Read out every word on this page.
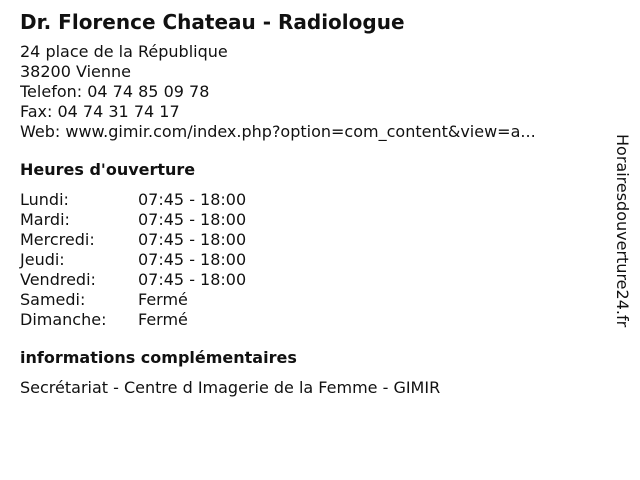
Dr. Florence Chateau - Radiologue
24 place de la République
38200 Vienne
Telefon: 04 74 85 09 78
Fax: 04 74 31 74 17
Web: www.gimir.com/index.php?option=com_content&view=a...
Heures d'ouverture
Lundi:	07:45 - 18:00
Mardi:	07:45 - 18:00
Mercredi:	07:45 - 18:00
Jeudi:	07:45 - 18:00
Vendredi:	07:45 - 18:00
Samedi:	Fermé
Dimanche:	Fermé
informations complémentaires
Secrétariat - Centre d Imagerie de la Femme - GIMIR
Horairesdouverture24.fr
